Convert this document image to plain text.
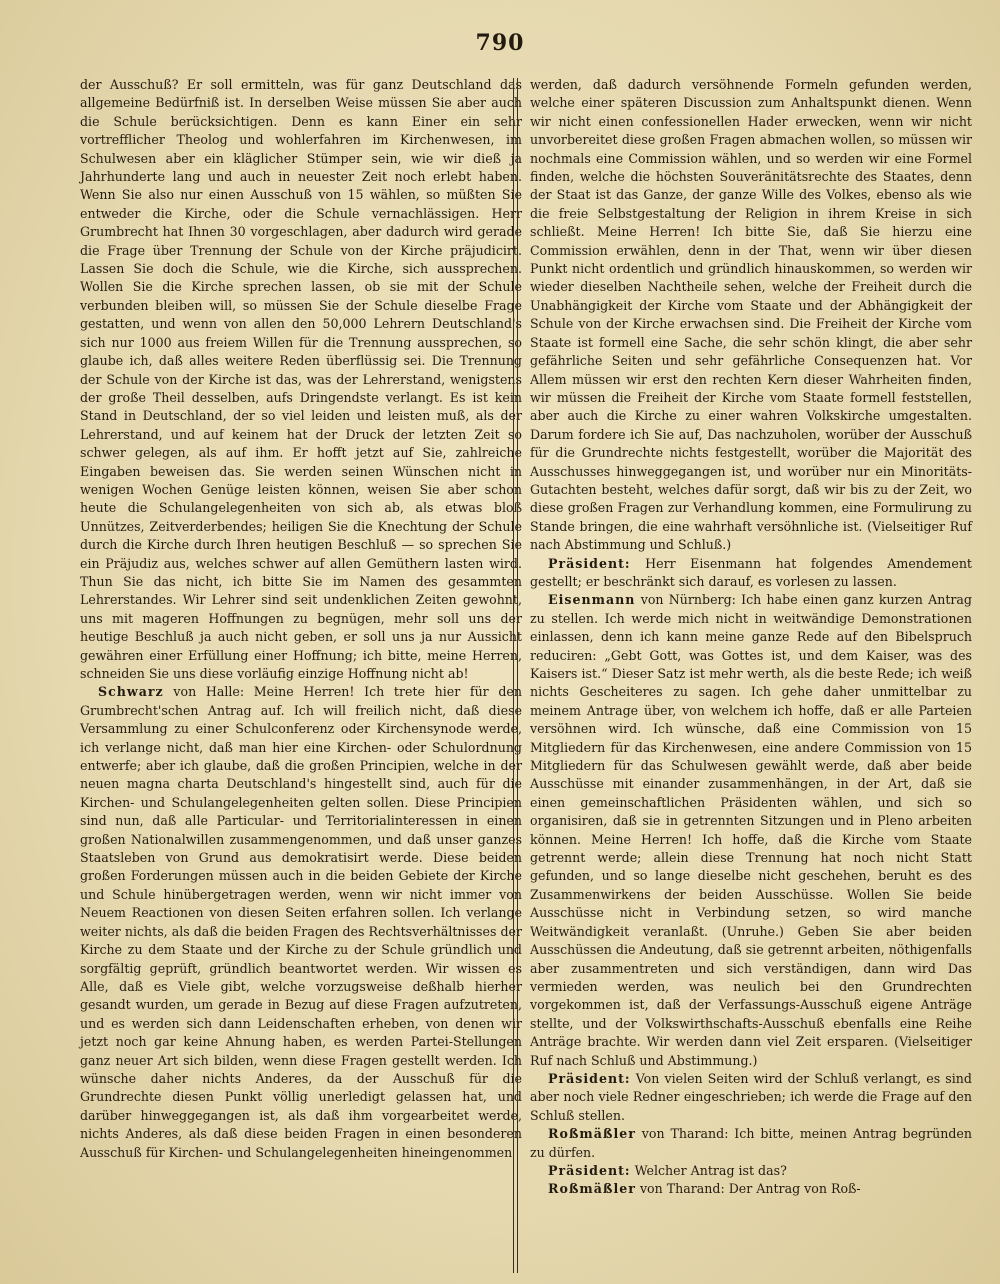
790

der Ausschuß? Er soll ermitteln, was für ganz Deutschland das allgemeine Bedürfniß ist. In derselben Weise müssen Sie aber auch die Schule berücksichtigen. Denn es kann Einer ein sehr vortrefflicher Theolog und wohlerfahren im Kirchenwesen, im Schulwesen aber ein kläglicher Stümper sein, wie wir dieß ja Jahrhunderte lang und auch in neuester Zeit noch erlebt haben. Wenn Sie also nur einen Ausschuß von 15 wählen, so müßten Sie entweder die Kirche, oder die Schule vernachlässigen. Herr Grumbrecht hat Ihnen 30 vorgeschlagen, aber dadurch wird gerade die Frage über Trennung der Schule von der Kirche präjudicirt. Lassen Sie doch die Schule, wie die Kirche, sich aussprechen. Wollen Sie die Kirche sprechen lassen, ob sie mit der Schule verbunden bleiben will, so müssen Sie der Schule dieselbe Frage gestatten, und wenn von allen den 50,000 Lehrern Deutschland's sich nur 1000 aus freiem Willen für die Trennung aussprechen, so glaube ich, daß alles weitere Reden überflüssig sei. Die Trennung der Schule von der Kirche ist das, was der Lehrerstand, wenigstens der große Theil desselben, aufs Dringendste verlangt. Es ist kein Stand in Deutschland, der so viel leiden und leisten muß, als der Lehrerstand, und auf keinem hat der Druck der letzten Zeit so schwer gelegen, als auf ihm. Er hofft jetzt auf Sie, zahlreiche Eingaben beweisen das. Sie werden seinen Wünschen nicht in wenigen Wochen Genüge leisten können, weisen Sie aber schon heute die Schulangelegenheiten von sich ab, als etwas bloß Unnützes, Zeitverderbendes; heiligen Sie die Knechtung der Schule durch die Kirche durch Ihren heutigen Beschluß — so sprechen Sie ein Präjudiz aus, welches schwer auf allen Gemüthern lasten wird. Thun Sie das nicht, ich bitte Sie im Namen des gesammten Lehrerstandes. Wir Lehrer sind seit undenklichen Zeiten gewohnt, uns mit mageren Hoffnungen zu begnügen, mehr soll uns der heutige Beschluß ja auch nicht geben, er soll uns ja nur Aussicht gewähren einer Erfüllung einer Hoffnung; ich bitte, meine Herren, schneiden Sie uns diese vorläufig einzige Hoffnung nicht ab!

Schwarz von Halle: Meine Herren! Ich trete hier für den Grumbrecht'schen Antrag auf. Ich will freilich nicht, daß diese Versammlung zu einer Schulconferenz oder Kirchensynode werde, ich verlange nicht, daß man hier eine Kirchen- oder Schulordnung entwerfe; aber ich glaube, daß die großen Principien, welche in der neuen magna charta Deutschland's hingestellt sind, auch für die Kirchen- und Schulangelegenheiten gelten sollen. Diese Principien sind nun, daß alle Particular- und Territorialinteressen in einen großen Nationalwillen zusammengenommen, und daß unser ganzes Staatsleben von Grund aus demokratisirt werde. Diese beiden großen Forderungen müssen auch in die beiden Gebiete der Kirche und Schule hinübergetragen werden, wenn wir nicht immer von Neuem Reactionen von diesen Seiten erfahren sollen. Ich verlange weiter nichts, als daß die beiden Fragen des Rechtsverhältnisses der Kirche zu dem Staate und der Kirche zu der Schule gründlich und sorgfältig geprüft, gründlich beantwortet werden. Wir wissen es Alle, daß es Viele gibt, welche vorzugsweise deßhalb hierher gesandt wurden, um gerade in Bezug auf diese Fragen aufzutreten, und es werden sich dann Leidenschaften erheben, von denen wir jetzt noch gar keine Ahnung haben, es werden Partei-Stellungen ganz neuer Art sich bilden, wenn diese Fragen gestellt werden. Ich wünsche daher nichts Anderes, da der Ausschuß für die Grundrechte diesen Punkt völlig unerledigt gelassen hat, und darüber hinweggegangen ist, als daß ihm vorgearbeitet werde, nichts Anderes, als daß diese beiden Fragen in einen besonderen Ausschuß für Kirchen- und Schulangelegenheiten hineingenommen

werden, daß dadurch versöhnende Formeln gefunden werden, welche einer späteren Discussion zum Anhaltspunkt dienen. Wenn wir nicht einen confessionellen Hader erwecken, wenn wir nicht unvorbereitet diese großen Fragen abmachen wollen, so müssen wir nochmals eine Commission wählen, und so werden wir eine Formel finden, welche die höchsten Souveränitätsrechte des Staates, denn der Staat ist das Ganze, der ganze Wille des Volkes, ebenso als wie die freie Selbstgestaltung der Religion in ihrem Kreise in sich schließt. Meine Herren! Ich bitte Sie, daß Sie hierzu eine Commission erwählen, denn in der That, wenn wir über diesen Punkt nicht ordentlich und gründlich hinauskommen, so werden wir wieder dieselben Nachtheile sehen, welche der Freiheit durch die Unabhängigkeit der Kirche vom Staate und der Abhängigkeit der Schule von der Kirche erwachsen sind. Die Freiheit der Kirche vom Staate ist formell eine Sache, die sehr schön klingt, die aber sehr gefährliche Seiten und sehr gefährliche Consequenzen hat. Vor Allem müssen wir erst den rechten Kern dieser Wahrheiten finden, wir müssen die Freiheit der Kirche vom Staate formell feststellen, aber auch die Kirche zu einer wahren Volkskirche umgestalten. Darum fordere ich Sie auf, Das nachzuholen, worüber der Ausschuß für die Grundrechte nichts festgestellt, worüber die Majorität des Ausschusses hinweggegangen ist, und worüber nur ein Minoritäts-Gutachten besteht, welches dafür sorgt, daß wir bis zu der Zeit, wo diese großen Fragen zur Verhandlung kommen, eine Formulirung zu Stande bringen, die eine wahrhaft versöhnliche ist. (Vielseitiger Ruf nach Abstimmung und Schluß.)

Präsident: Herr Eisenmann hat folgendes Amendement gestellt; er beschränkt sich darauf, es vorlesen zu lassen.

Eisenmann von Nürnberg: Ich habe einen ganz kurzen Antrag zu stellen. Ich werde mich nicht in weitwändige Demonstrationen einlassen, denn ich kann meine ganze Rede auf den Bibelspruch reduciren: „Gebt Gott, was Gottes ist, und dem Kaiser, was des Kaisers ist.“ Dieser Satz ist mehr werth, als die beste Rede; ich weiß nichts Gescheiteres zu sagen. Ich gehe daher unmittelbar zu meinem Antrage über, von welchem ich hoffe, daß er alle Parteien versöhnen wird. Ich wünsche, daß eine Commission von 15 Mitgliedern für das Kirchenwesen, eine andere Commission von 15 Mitgliedern für das Schulwesen gewählt werde, daß aber beide Ausschüsse mit einander zusammenhängen, in der Art, daß sie einen gemeinschaftlichen Präsidenten wählen, und sich so organisiren, daß sie in getrennten Sitzungen und in Pleno arbeiten können. Meine Herren! Ich hoffe, daß die Kirche vom Staate getrennt werde; allein diese Trennung hat noch nicht Statt gefunden, und so lange dieselbe nicht geschehen, beruht es des Zusammenwirkens der beiden Ausschüsse. Wollen Sie beide Ausschüsse nicht in Verbindung setzen, so wird manche Weitwändigkeit veranlaßt. (Unruhe.) Geben Sie aber beiden Ausschüssen die Andeutung, daß sie getrennt arbeiten, nöthigenfalls aber zusammentreten und sich verständigen, dann wird Das vermieden werden, was neulich bei den Grundrechten vorgekommen ist, daß der Verfassungs-Ausschuß eigene Anträge stellte, und der Volkswirthschafts-Ausschuß ebenfalls eine Reihe Anträge brachte. Wir werden dann viel Zeit ersparen. (Vielseitiger Ruf nach Schluß und Abstimmung.)

Präsident: Von vielen Seiten wird der Schluß verlangt, es sind aber noch viele Redner eingeschrieben; ich werde die Frage auf den Schluß stellen.

Roßmäßler von Tharand: Ich bitte, meinen Antrag begründen zu dürfen.

Präsident: Welcher Antrag ist das?

Roßmäßler von Tharand: Der Antrag von Roß-
